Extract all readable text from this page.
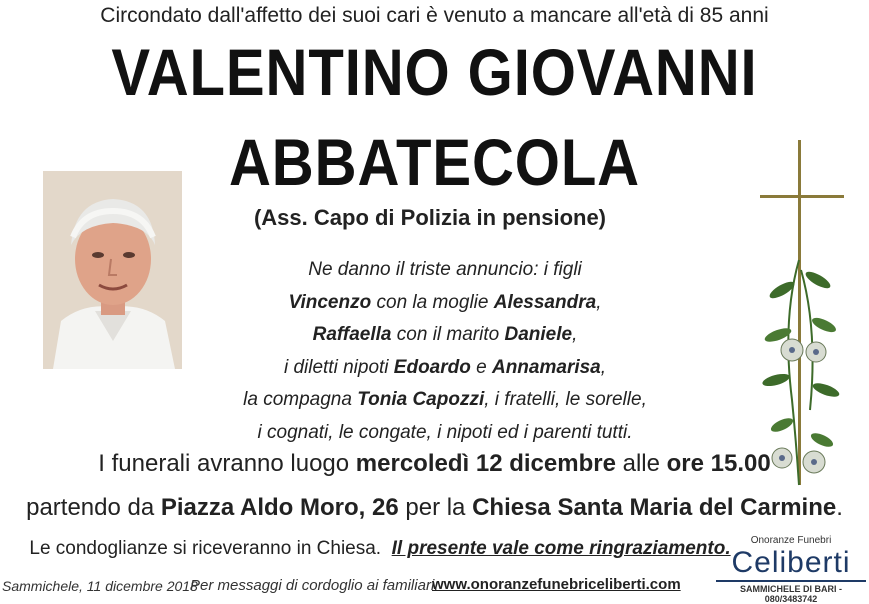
Circondato dall'affetto dei suoi cari è venuto a mancare all'età di 85 anni
VALENTINO GIOVANNI
ABBATECOLA
(Ass. Capo di Polizia in pensione)
Ne danno il triste annuncio: i figli
Vincenzo con la moglie Alessandra,
Raffaella con il marito Daniele,
i diletti nipoti Edoardo e Annamarisa,
la compagna Tonia Capozzi, i fratelli, le sorelle,
i cognati, le congate, i nipoti ed i parenti tutti.
I funerali avranno luogo mercoledì 12 dicembre alle ore 15.00
partendo da Piazza Aldo Moro, 26 per la Chiesa Santa Maria del Carmine.
Le condoglianze si riceveranno in Chiesa. Il presente vale come ringraziamento.
Sammichele, 11 dicembre 2018
Per messaggi di cordoglio ai familiari:
www.onoranzefunebriceliberti.com
Onoranze Funebri
Celiberti
SAMMICHELE DI BARI - 080/3483742
